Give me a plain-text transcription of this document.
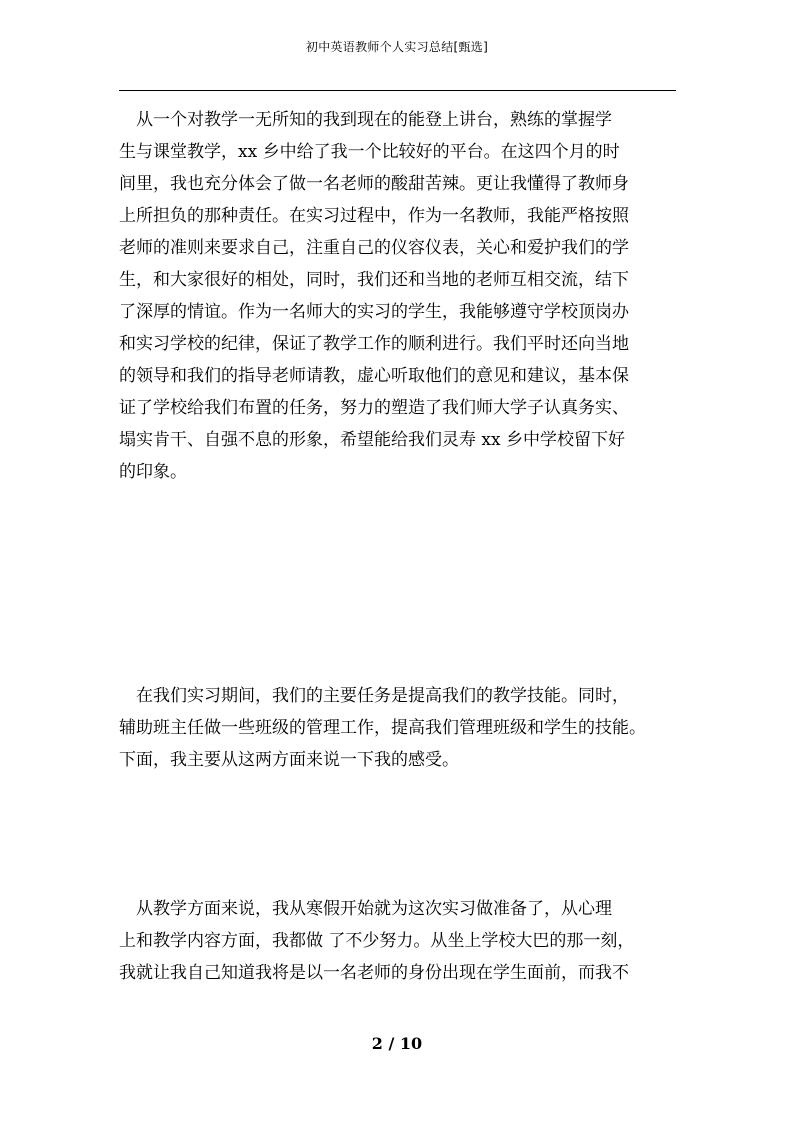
初中英语教师个人实习总结[甄选]

　从一个对教学一无所知的我到现在的能登上讲台，熟练的掌握学
生与课堂教学，xx 乡中给了我一个比较好的平台。在这四个月的时
间里，我也充分体会了做一名老师的酸甜苦辣。更让我懂得了教师身
上所担负的那种责任。在实习过程中，作为一名教师，我能严格按照
老师的准则来要求自己，注重自己的仪容仪表，关心和爱护我们的学
生，和大家很好的相处，同时，我们还和当地的老师互相交流，结下
了深厚的情谊。作为一名师大的实习的学生，我能够遵守学校顶岗办
和实习学校的纪律，保证了教学工作的顺利进行。我们平时还向当地
的领导和我们的指导老师请教，虚心听取他们的意见和建议，基本保
证了学校给我们布置的任务，努力的塑造了我们师大学子认真务实、
塌实肯干、自强不息的形象，希望能给我们灵寿 xx 乡中学校留下好
的印象。

　在我们实习期间，我们的主要任务是提高我们的教学技能。同时，
辅助班主任做一些班级的管理工作，提高我们管理班级和学生的技能。
下面，我主要从这两方面来说一下我的感受。

　从教学方面来说，我从寒假开始就为这次实习做准备了，从心理
上和教学内容方面，我都做 了不少努力。从坐上学校大巴的那一刻，
我就让我自己知道我将是以一名老师的身份出现在学生面前，而我不

2 / 10
